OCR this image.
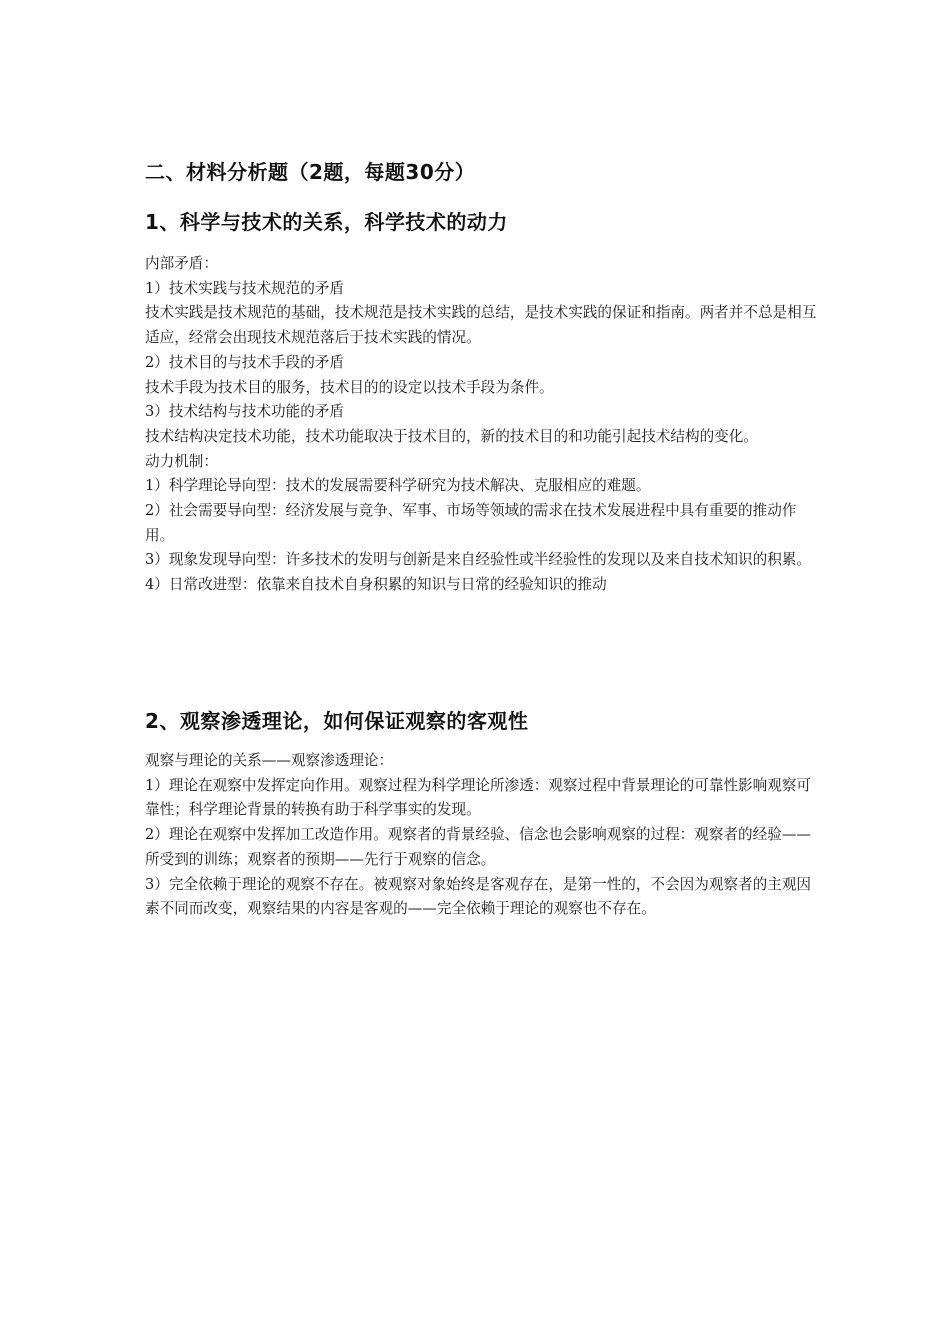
二、材料分析题（2题，每题30分）
1、科学与技术的关系，科学技术的动力

内部矛盾：

1）技术实践与技术规范的矛盾

技术实践是技术规范的基础，技术规范是技术实践的总结，是技术实践的保证和指南。两者并不总是相互适应，经常会出现技术规范落后于技术实践的情况。

2）技术目的与技术手段的矛盾

技术手段为技术目的服务，技术目的的设定以技术手段为条件。

3）技术结构与技术功能的矛盾

技术结构决定技术功能，技术功能取决于技术目的，新的技术目的和功能引起技术结构的变化。

动力机制：

1）科学理论导向型：技术的发展需要科学研究为技术解决、克服相应的难题。

2）社会需要导向型：经济发展与竞争、军事、市场等领域的需求在技术发展进程中具有重要的推动作用。

3）现象发现导向型：许多技术的发明与创新是来自经验性或半经验性的发现以及来自技术知识的积累。

4）日常改进型：依靠来自技术自身积累的知识与日常的经验知识的推动

2、观察渗透理论，如何保证观察的客观性

观察与理论的关系——观察渗透理论：

1）理论在观察中发挥定向作用。观察过程为科学理论所渗透：观察过程中背景理论的可靠性影响观察可靠性；科学理论背景的转换有助于科学事实的发现。

2）理论在观察中发挥加工改造作用。观察者的背景经验、信念也会影响观察的过程：观察者的经验——所受到的训练；观察者的预期——先行于观察的信念。

3）完全依赖于理论的观察不存在。被观察对象始终是客观存在，是第一性的，不会因为观察者的主观因素不同而改变，观察结果的内容是客观的——完全依赖于理论的观察也不存在。
